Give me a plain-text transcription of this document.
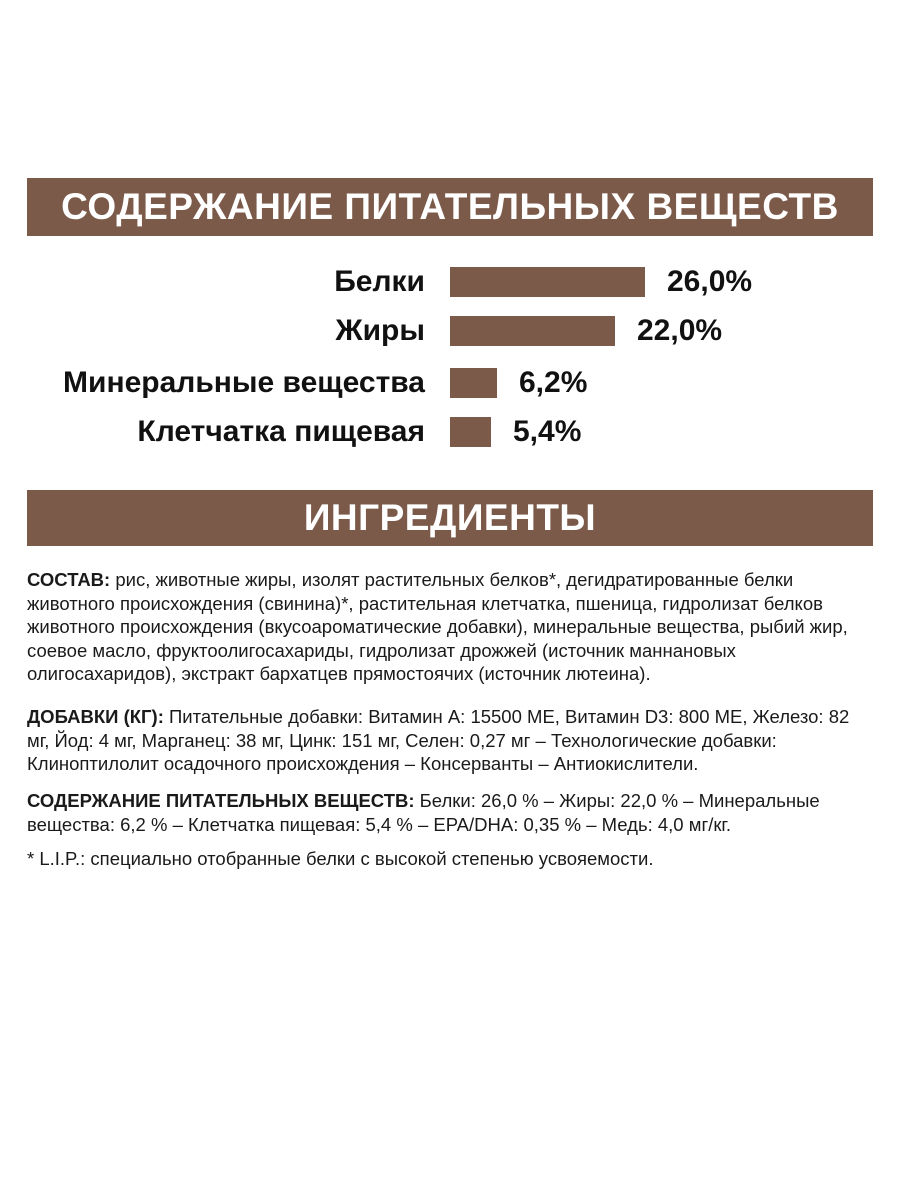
СОДЕРЖАНИЕ ПИТАТЕЛЬНЫХ ВЕЩЕСТВ
Белки	26,0%
Жиры	22,0%
Минеральные вещества	6,2%
Клетчатка пищевая	5,4%
ИНГРЕДИЕНТЫ
СОСТАВ: рис, животные жиры, изолят растительных белков*, дегидратированные белки животного происхождения (свинина)*, растительная клетчатка, пшеница, гидролизат белков животного происхождения (вкусоароматические добавки), минеральные вещества, рыбий жир, соевое масло, фруктоолигосахариды, гидролизат дрожжей (источник маннановых олигосахаридов), экстракт бархатцев прямостоячих (источник лютеина).
ДОБАВКИ (КГ): Питательные добавки: Витамин A: 15500 МЕ, Витамин D3: 800 МЕ, Железо: 82 мг, Йод: 4 мг, Марганец: 38 мг, Цинк: 151 мг, Селен: 0,27 мг – Технологические добавки: Клиноптилолит осадочного происхождения – Консерванты – Антиокислители.
СОДЕРЖАНИЕ ПИТАТЕЛЬНЫХ ВЕЩЕСТВ: Белки: 26,0 % – Жиры: 22,0 % – Минеральные вещества: 6,2 % – Клетчатка пищевая: 5,4 % – EPA/DHA: 0,35 % – Медь: 4,0 мг/кг.
* L.I.P.: специально отобранные белки с высокой степенью усвояемости.
